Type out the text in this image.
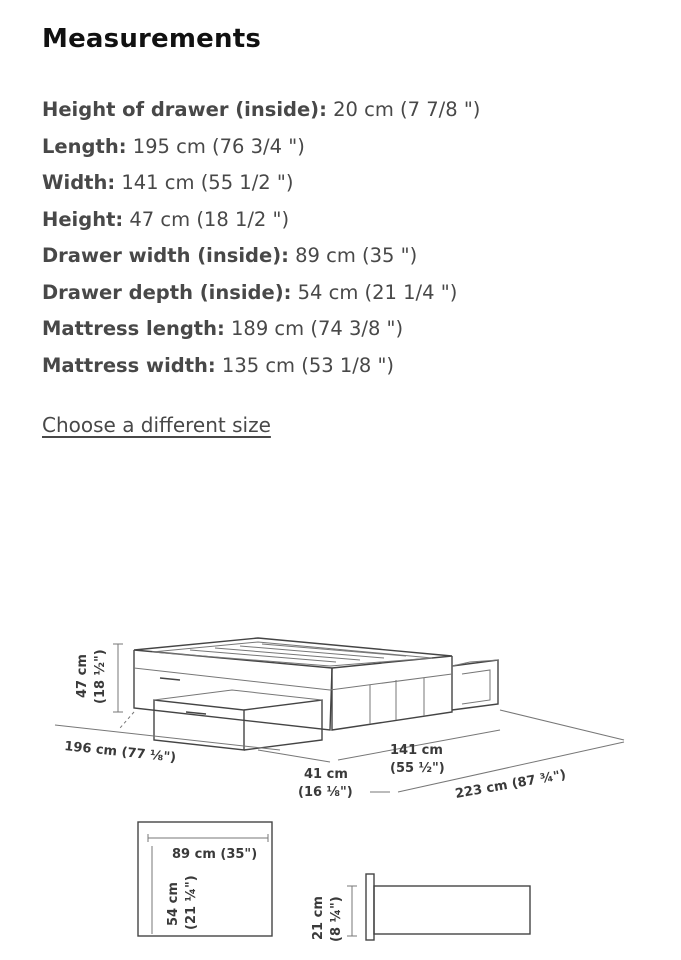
Measurements
Height of drawer (inside): 20 cm (7 7/8 ")
Length: 195 cm (76 3/4 ")
Width: 141 cm (55 1/2 ")
Height: 47 cm (18 1/2 ")
Drawer width (inside): 89 cm (35 ")
Drawer depth (inside): 54 cm (21 1/4 ")
Mattress length: 189 cm (74 3/8 ")
Mattress width: 135 cm (53 1/8 ")
Choose a different size
47 cm (18 ½")
196 cm (77 ⅛")
41 cm
(16 ⅛")
141 cm
(55 ½") 223 cm (87 ¾")
89 cm (35")
54 cm (21 ¼")	21 cm (8 ¼")
